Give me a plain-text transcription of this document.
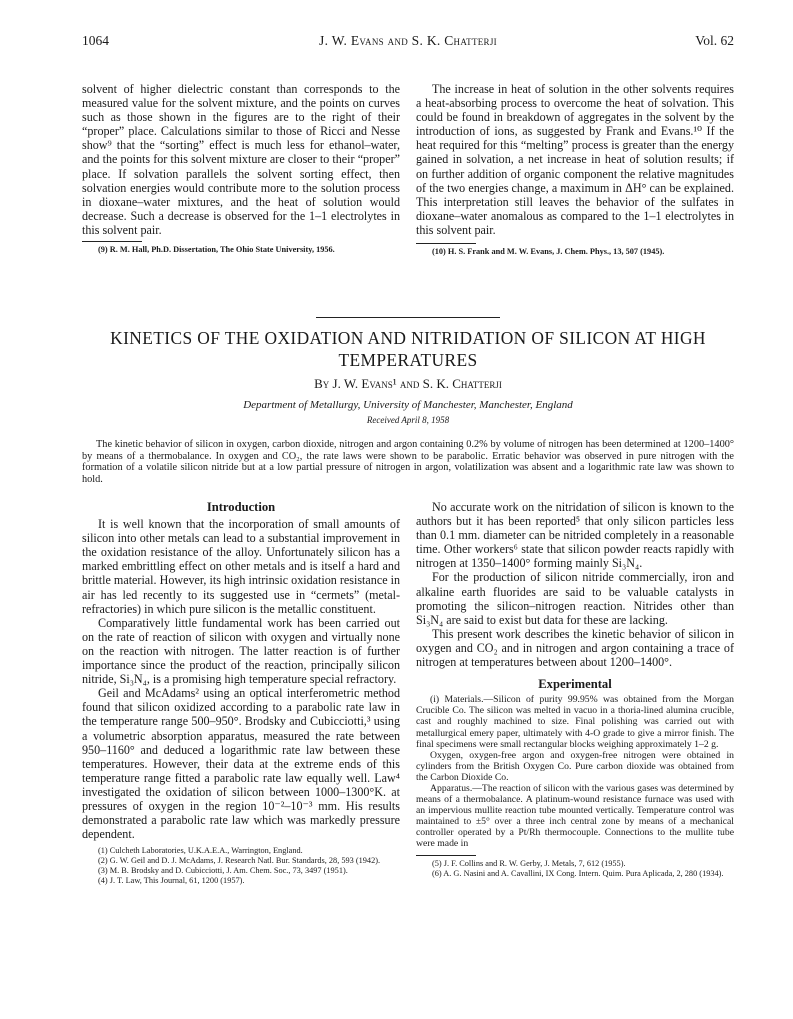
1064	J. W. Evans and S. K. Chatterji	Vol. 62

solvent of higher dielectric constant than corresponds to the measured value for the solvent mixture, and the points on curves such as those shown in the figures are to the right of their “proper” place. Calculations similar to those of Ricci and Nesse show⁹ that the “sorting” effect is much less for ethanol–water, and the points for this solvent mixture are closer to their “proper” place. If solvation parallels the solvent sorting effect, then solvation energies would contribute more to the solution process in dioxane–water mixtures, and the heat of solution would decrease. Such a decrease is observed for the 1–1 electrolytes in this solvent pair.

(9) R. M. Hall, Ph.D. Dissertation, The Ohio State University, 1956.

The increase in heat of solution in the other solvents requires a heat-absorbing process to overcome the heat of solvation. This could be found in breakdown of aggregates in the solvent by the introduction of ions, as suggested by Frank and Evans.¹⁰ If the heat required for this “melting” process is greater than the energy gained in solvation, a net increase in heat of solution results; if on further addition of organic component the relative magnitudes of the two energies change, a maximum in ΔH° can be explained. This interpretation still leaves the behavior of the sulfates in dioxane–water anomalous as compared to the 1–1 electrolytes in this solvent pair.

(10) H. S. Frank and M. W. Evans, J. Chem. Phys., 13, 507 (1945).

KINETICS OF THE OXIDATION AND NITRIDATION OF SILICON AT HIGH
TEMPERATURES
By J. W. Evans¹ and S. K. Chatterji
Department of Metallurgy, University of Manchester, Manchester, England
Received April 8, 1958

The kinetic behavior of silicon in oxygen, carbon dioxide, nitrogen and argon containing 0.2% by volume of nitrogen has been determined at 1200–1400° by means of a thermobalance. In oxygen and CO₂, the rate laws were shown to be parabolic. Erratic behavior was observed in pure nitrogen with the formation of a volatile silicon nitride but at a low partial pressure of nitrogen in argon, volatilization was absent and a logarithmic rate law was shown to hold.

Introduction

It is well known that the incorporation of small amounts of silicon into other metals can lead to a substantial improvement in the oxidation resistance of the alloy. Unfortunately silicon has a marked embrittling effect on other metals and is itself a hard and brittle material. However, its high intrinsic oxidation resistance in air has led recently to its suggested use in “cermets” (metal-refractories) in which pure silicon is the metallic constituent.

Comparatively little fundamental work has been carried out on the rate of reaction of silicon with oxygen and virtually none on the reaction with nitrogen. The latter reaction is of further importance since the product of the reaction, principally silicon nitride, Si₃N₄, is a promising high temperature special refractory.

Geil and McAdams² using an optical interferometric method found that silicon oxidized according to a parabolic rate law in the temperature range 500–950°. Brodsky and Cubicciotti,³ using a volumetric absorption apparatus, measured the rate between 950–1160° and deduced a logarithmic rate law between these temperatures. However, their data at the extreme ends of this temperature range fitted a parabolic rate law equally well. Law⁴ investigated the oxidation of silicon between 1000–1300°K. at pressures of oxygen in the region 10⁻²–10⁻³ mm. His results demonstrated a parabolic rate law which was markedly pressure dependent.

(1) Culcheth Laboratories, U.K.A.E.A., Warrington, England.

(2) G. W. Geil and D. J. McAdams, J. Research Natl. Bur. Standards, 28, 593 (1942).

(3) M. B. Brodsky and D. Cubicciotti, J. Am. Chem. Soc., 73, 3497 (1951).

(4) J. T. Law, This Journal, 61, 1200 (1957).

No accurate work on the nitridation of silicon is known to the authors but it has been reported⁵ that only silicon particles less than 0.1 mm. diameter can be nitrided completely in a reasonable time. Other workers⁶ state that silicon powder reacts rapidly with nitrogen at 1350–1400° forming mainly Si₃N₄.

For the production of silicon nitride commercially, iron and alkaline earth fluorides are said to be valuable catalysts in promoting the silicon–nitrogen reaction. Nitrides other than Si₃N₄ are said to exist but data for these are lacking.

This present work describes the kinetic behavior of silicon in oxygen and CO₂ and in nitrogen and argon containing a trace of nitrogen at temperatures between about 1200–1400°.

Experimental

(i) Materials.—Silicon of purity 99.95% was obtained from the Morgan Crucible Co. The silicon was melted in vacuo in a thoria-lined alumina crucible, cast and roughly machined to size. Final polishing was carried out with metallurgical emery paper, ultimately with 4-O grade to give a mirror finish. The final specimens were small rectangular blocks weighing approximately 1–2 g.

Oxygen, oxygen-free argon and oxygen-free nitrogen were obtained in cylinders from the British Oxygen Co. Pure carbon dioxide was obtained from the Carbon Dioxide Co.

Apparatus.—The reaction of silicon with the various gases was determined by means of a thermobalance. A platinum-wound resistance furnace was used with an impervious mullite reaction tube mounted vertically. Temperature control was maintained to ±5° over a three inch central zone by means of a mechanical controller operated by a Pt/Rh thermocouple. Connections to the mullite tube were made in

(5) J. F. Collins and R. W. Gerby, J. Metals, 7, 612 (1955).

(6) A. G. Nasini and A. Cavallini, IX Cong. Intern. Quim. Pura Aplicada, 2, 280 (1934).
